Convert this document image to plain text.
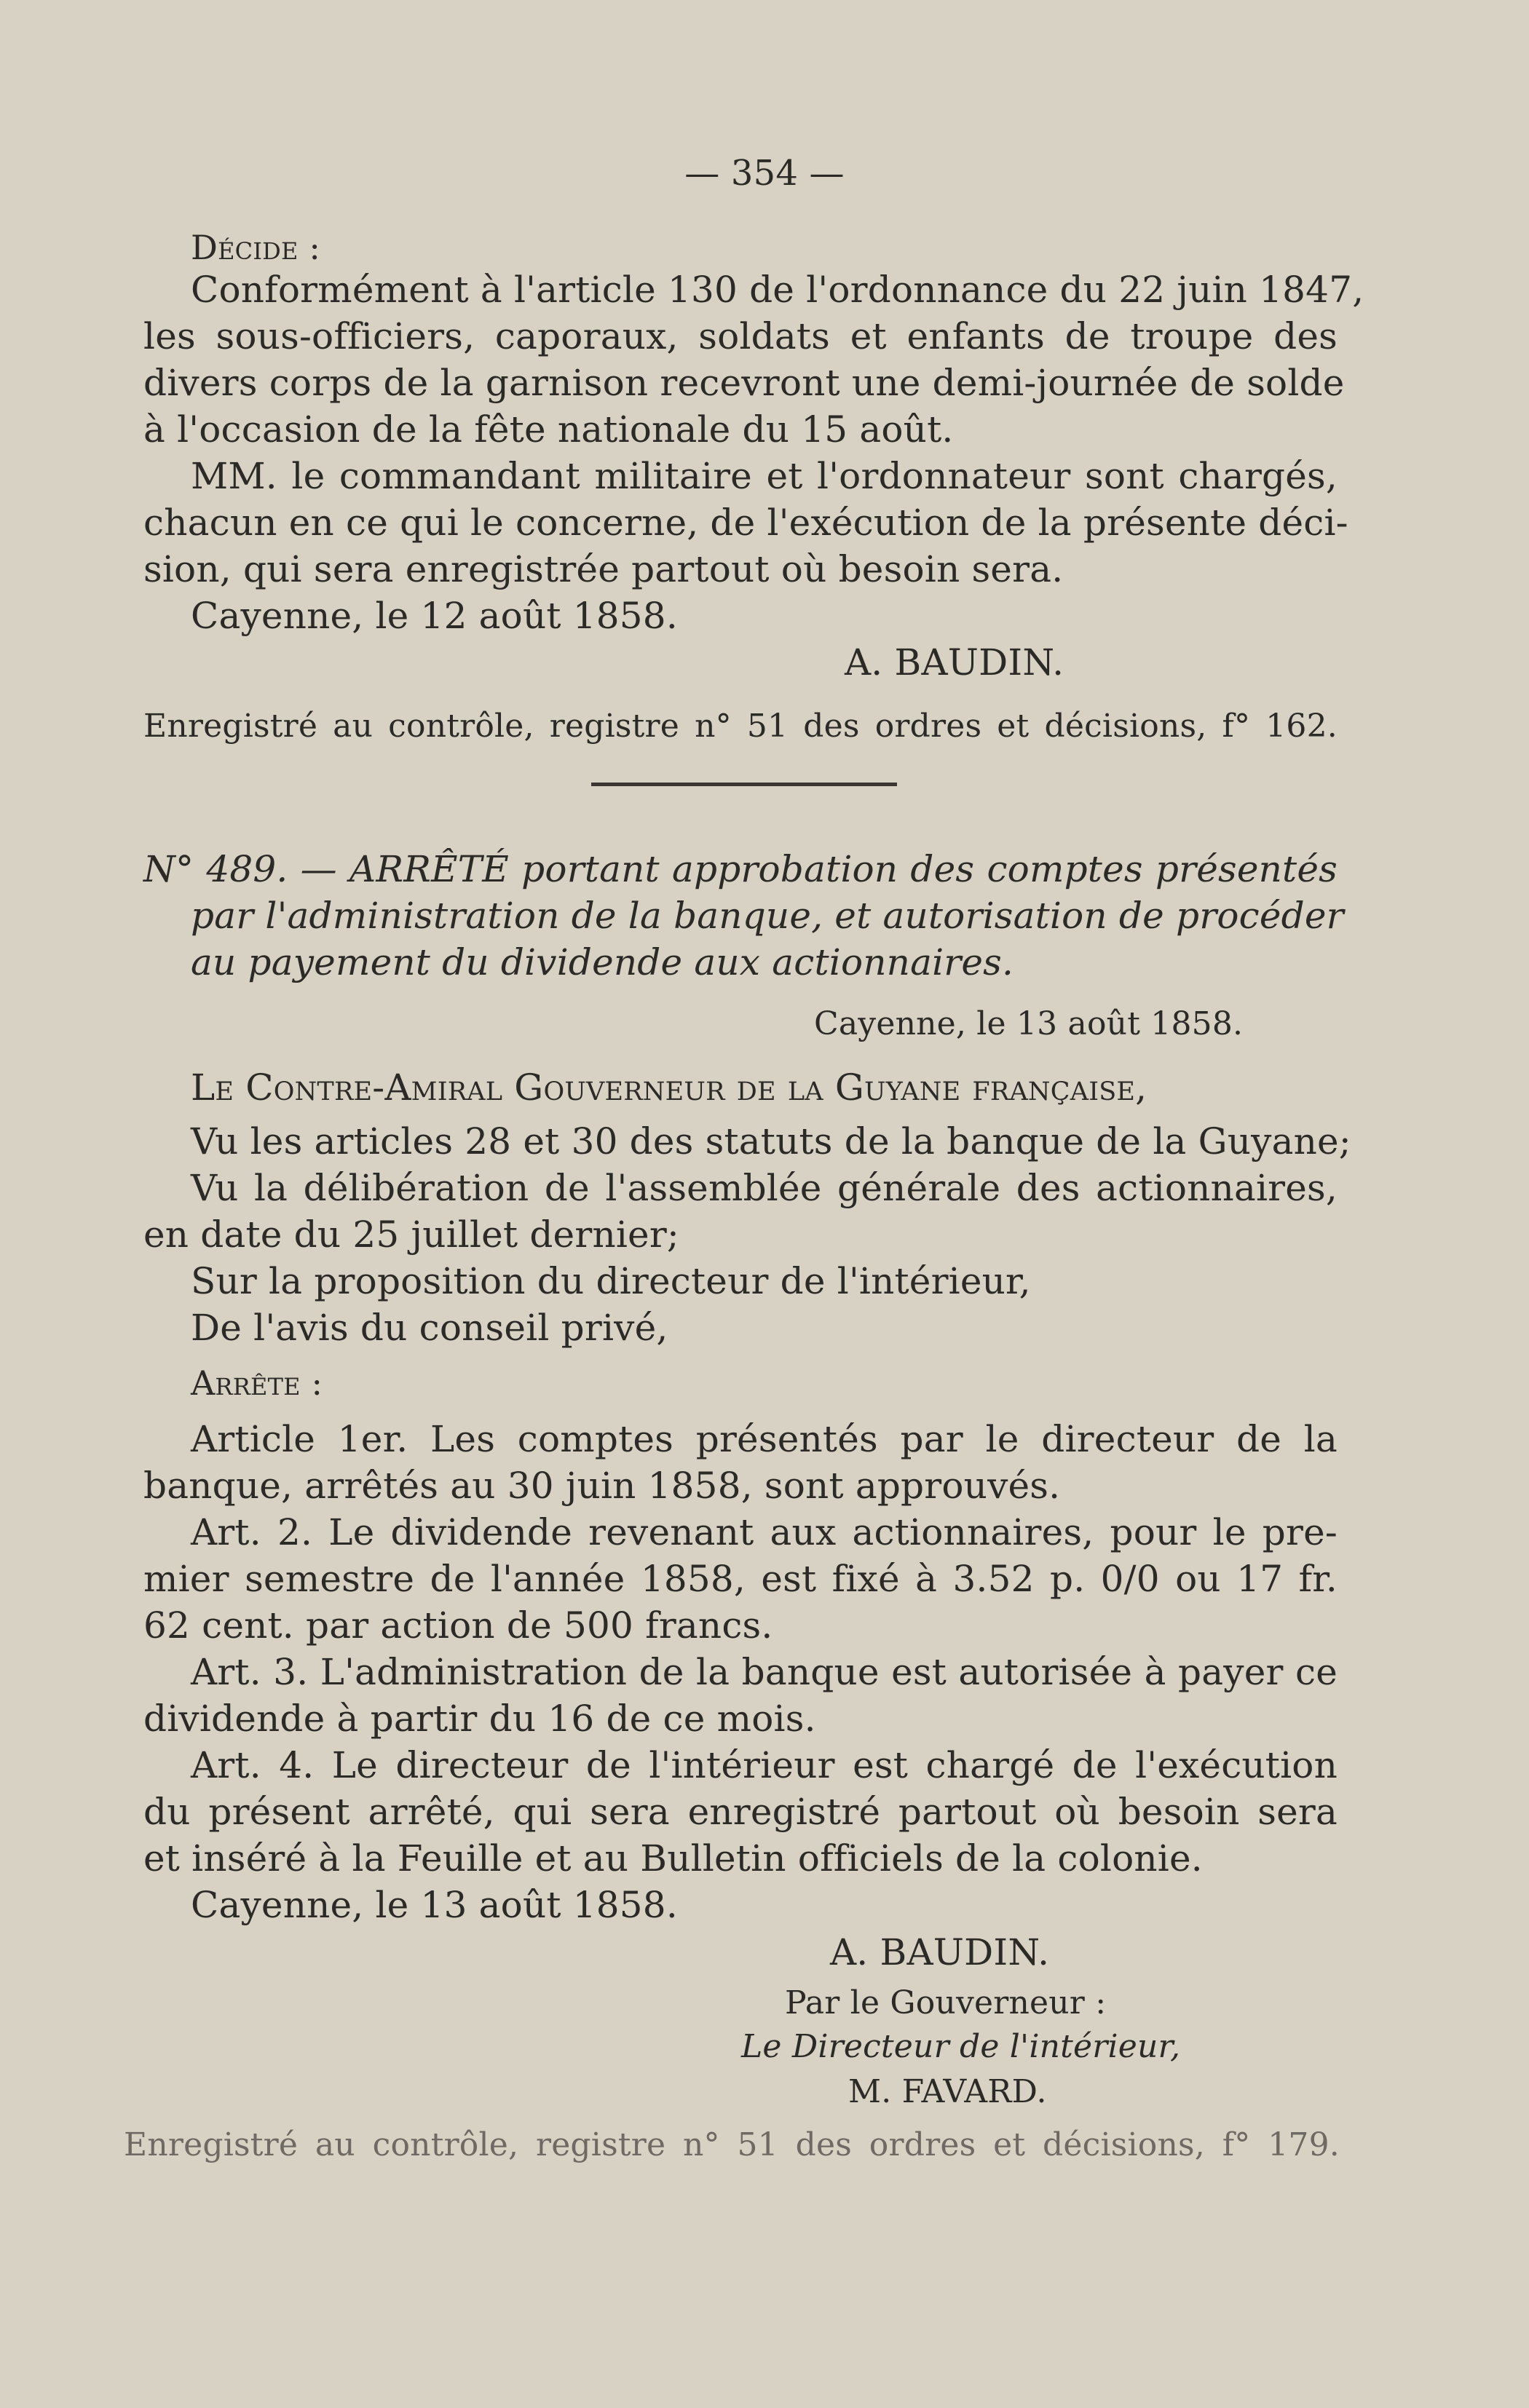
— 354 —
Décide :
Conformément à l'article 130 de l'ordonnance du 22 juin 1847,
les sous-officiers, caporaux, soldats et enfants de troupe des
divers corps de la garnison recevront une demi-journée de solde
à l'occasion de la fête nationale du 15 août.
MM. le commandant militaire et l'ordonnateur sont chargés,
chacun en ce qui le concerne, de l'exécution de la présente déci-
sion, qui sera enregistrée partout où besoin sera.
Cayenne, le 12 août 1858.
A. BAUDIN.
Enregistré au contrôle, registre n° 51 des ordres et décisions, f° 162.
N° 489. — ARRÊTÉ portant approbation des comptes présentés
par l'administration de la banque, et autorisation de procéder
au payement du dividende aux actionnaires.
Cayenne, le 13 août 1858.
Le Contre-Amiral Gouverneur de la Guyane française,
Vu les articles 28 et 30 des statuts de la banque de la Guyane;
Vu la délibération de l'assemblée générale des actionnaires,
en date du 25 juillet dernier;
Sur la proposition du directeur de l'intérieur,
De l'avis du conseil privé,
Arrête :
Article 1er. Les comptes présentés par le directeur de la
banque, arrêtés au 30 juin 1858, sont approuvés.
Art. 2. Le dividende revenant aux actionnaires, pour le pre-
mier semestre de l'année 1858, est fixé à 3.52 p. 0/0 ou 17 fr.
62 cent. par action de 500 francs.
Art. 3. L'administration de la banque est autorisée à payer ce
dividende à partir du 16 de ce mois.
Art. 4. Le directeur de l'intérieur est chargé de l'exécution
du présent arrêté, qui sera enregistré partout où besoin sera
et inséré à la Feuille et au Bulletin officiels de la colonie.
Cayenne, le 13 août 1858.
A. BAUDIN.
Par le Gouverneur :
Le Directeur de l'intérieur,
M. FAVARD.
Enregistré au contrôle, registre n° 51 des ordres et décisions, f° 179.
